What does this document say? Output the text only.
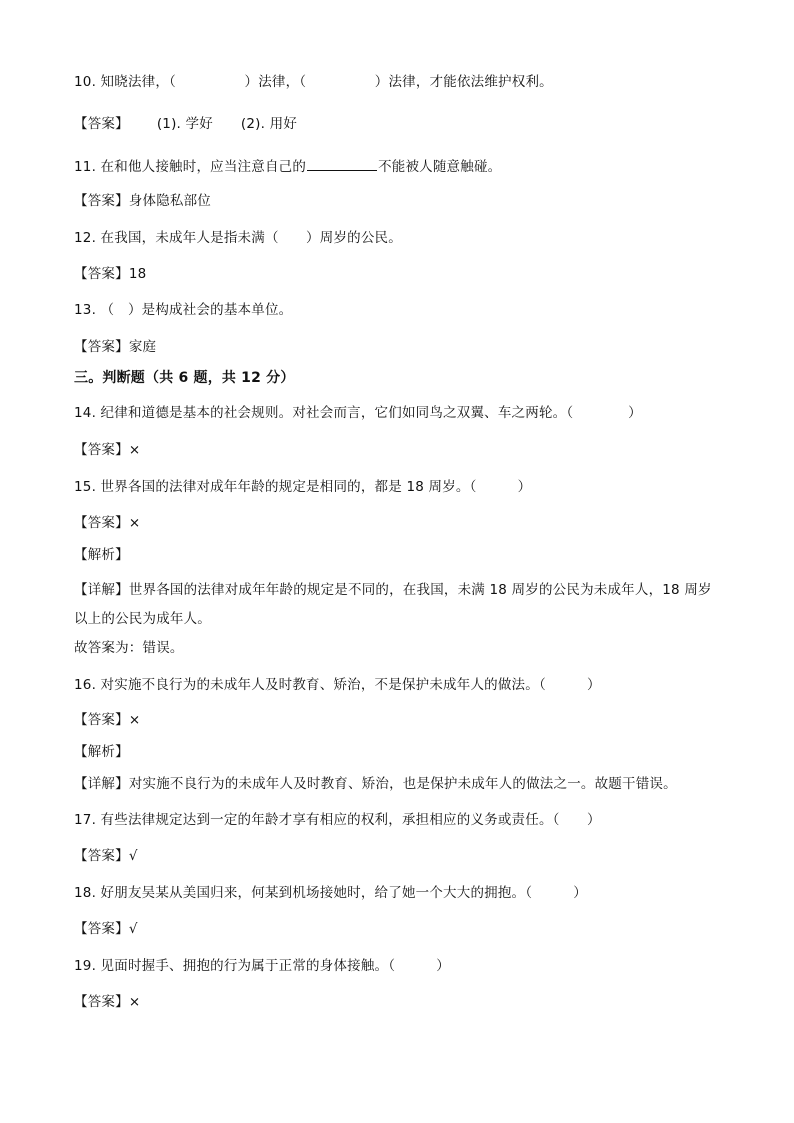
10. 知晓法律，（　　　　　）法律，（　　　　　）法律，才能依法维护权利。
【答案】 (1). 学好 (2). 用好
11. 在和他人接触时，应当注意自己的	不能被人随意触碰。
【答案】身体隐私部位
12. 在我国，未成年人是指未满（　　）周岁的公民。
【答案】18
13. （　）是构成社会的基本单位。
【答案】家庭
三。判断题（共 6 题，共 12 分）
14. 纪律和道德是基本的社会规则。对社会而言，它们如同鸟之双翼、车之两轮。（　　　　）
【答案】×
15. 世界各国的法律对成年年龄的规定是相同的，都是 18 周岁。（　　　）
【答案】×
【解析】
【详解】世界各国的法律对成年年龄的规定是不同的，在我国，未满 18 周岁的公民为未成年人，18 周岁以上的公民为成年人。
故答案为：错误。
16. 对实施不良行为的未成年人及时教育、矫治，不是保护未成年人的做法。（　　　）
【答案】×
【解析】
【详解】对实施不良行为的未成年人及时教育、矫治，也是保护未成年人的做法之一。故题干错误。
17. 有些法律规定达到一定的年龄才享有相应的权利，承担相应的义务或责任。（　　）
【答案】√
18. 好朋友吴某从美国归来，何某到机场接她时，给了她一个大大的拥抱。（　　　）
【答案】√
19. 见面时握手、拥抱的行为属于正常的身体接触。（　　　）
【答案】×
